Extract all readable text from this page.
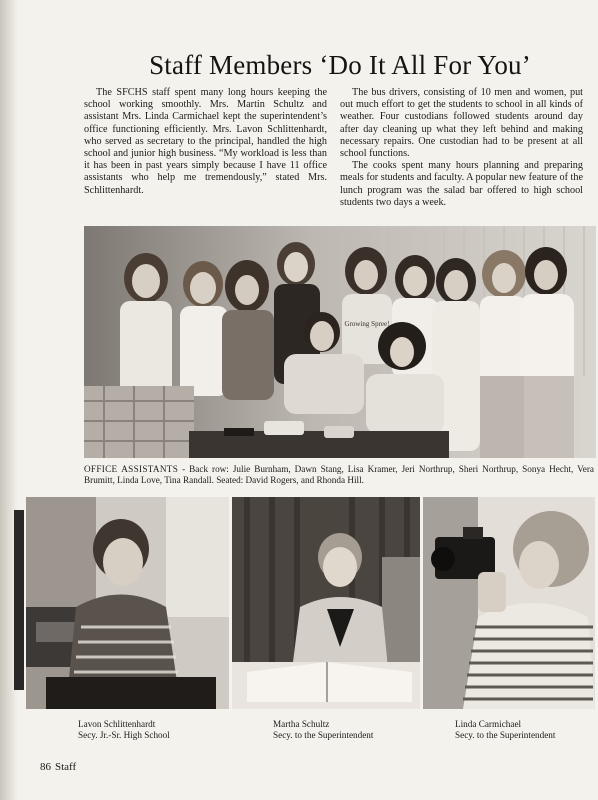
Staff Members ‘Do It All For You’

The SFCHS staff spent many long hours keeping the school working smoothly. Mrs. Martin Schultz and assistant Mrs. Linda Carmichael kept the superintendent’s office functioning efficiently. Mrs. Lavon Schlittenhardt, who served as secretary to the principal, handled the high school and junior high business. “My workload is less than it has been in past years simply because I have 11 office assistants who help me tremendously,” stated Mrs. Schlittenhardt.

The bus drivers, consisting of 10 men and women, put out much effort to get the students to school in all kinds of weather. Four custodians followed students around day after day cleaning up what they left behind and making necessary repairs. One custodian had to be present at all school functions.

The cooks spent many hours planning and preparing meals for students and faculty. A popular new feature of the lunch program was the salad bar offered to high school students two days a week.

Growing Spree!
OFFICE ASSISTANTS - Back row: Julie Burnham, Dawn Stang, Lisa Kramer, Jeri Northrup, Sheri Northrup, Sonya Hecht, Vera Brumitt, Linda Love, Tina Randall. Seated: David Rogers, and Rhonda Hill.
Lavon Schlittenhardt
Secy. Jr.-Sr. High School
Martha Schultz
Secy. to the Superintendent
Linda Carmichael
Secy. to the Superintendent
86 Staff
